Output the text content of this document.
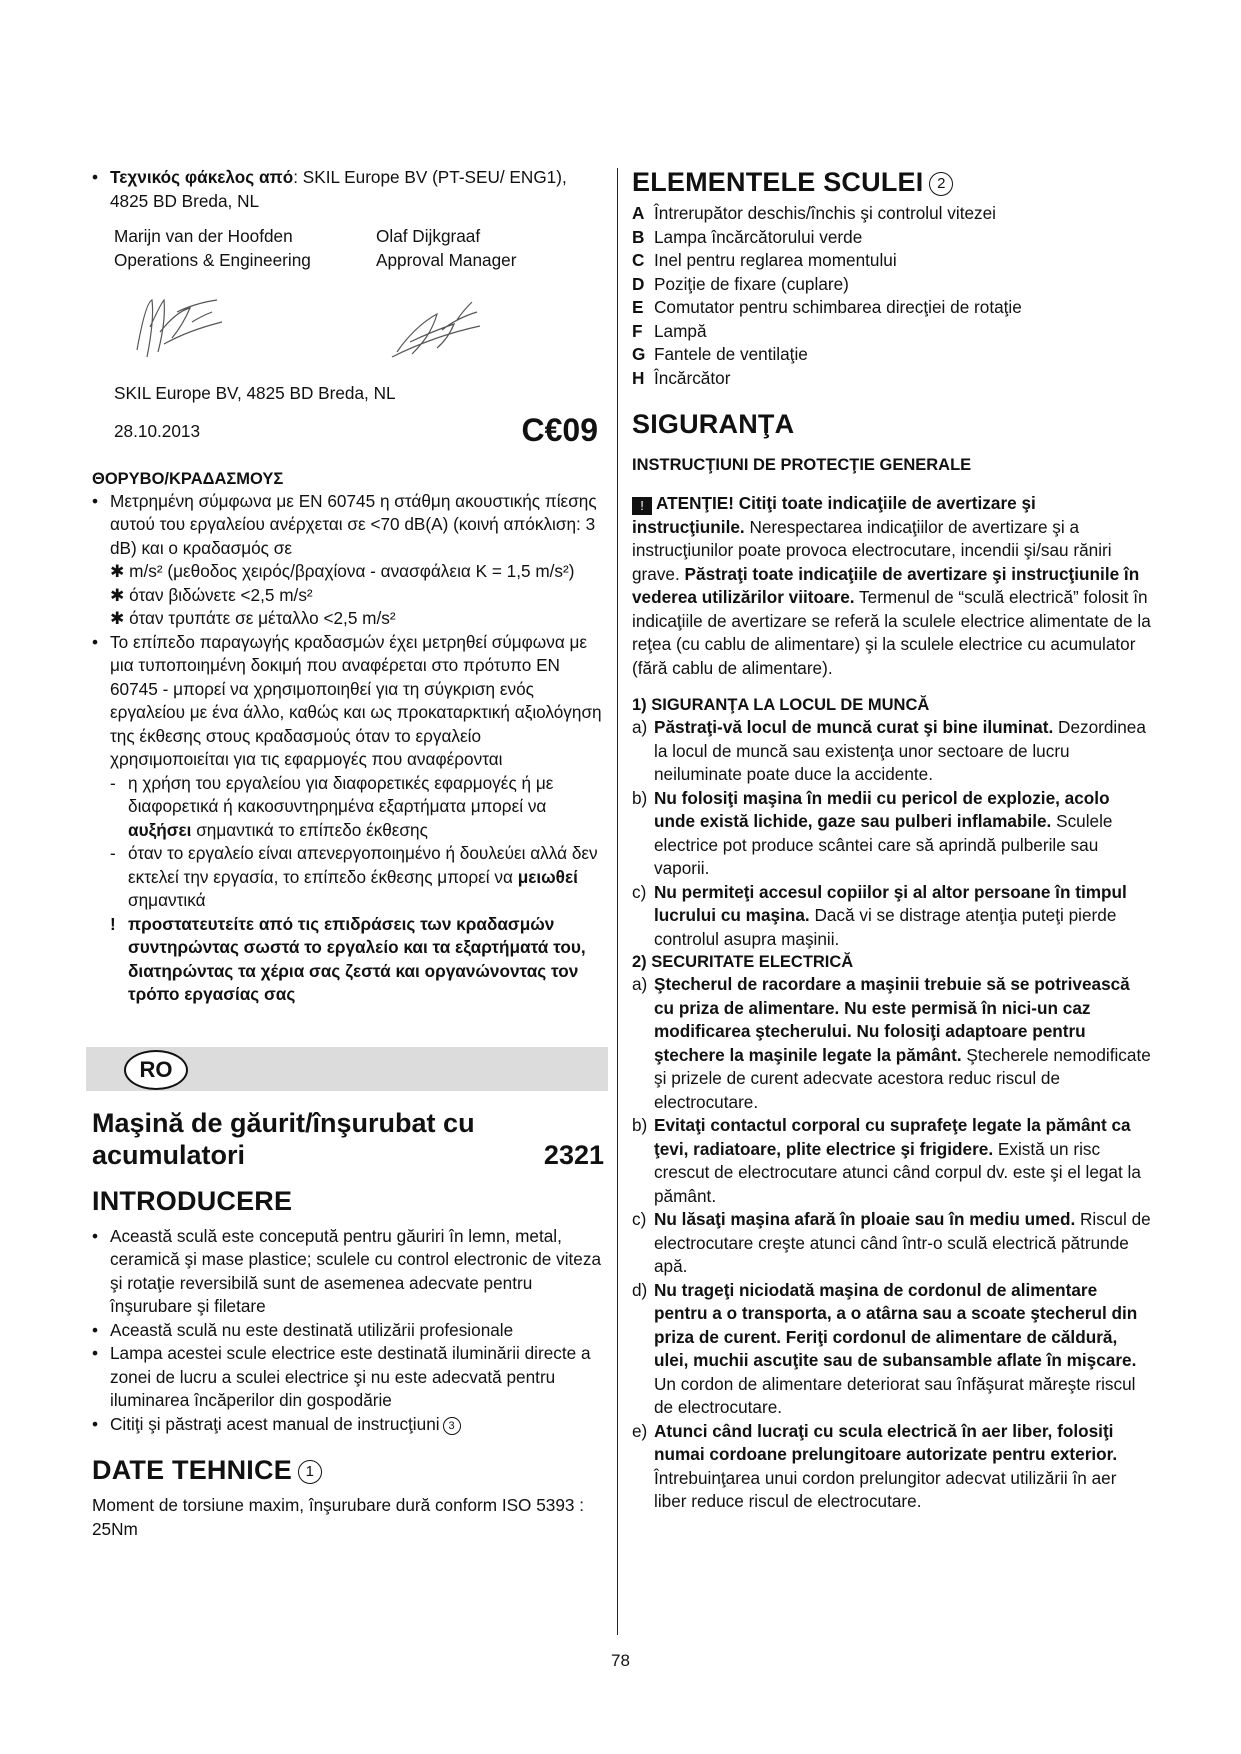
• Τεχνικός φάκελος από: SKIL Europe BV (PT-SEU/ ENG1), 4825 BD Breda, NL
Marijn van der Hoofden	Olaf Dijkgraaf
Operations & Engineering	Approval Manager

SKIL Europe BV, 4825 BD Breda, NL

28.10.2013	C€09
ΘΟΡΥΒΟ/ΚΡΑΔΑΣΜΟΥΣ
• Μετρημένη σύμφωνα με EN 60745 η στάθμη ακουστικής πίεσης αυτού του εργαλείου ανέρχεται σε <70 dB(A) (κοινή απόκλιση: 3 dB) και ο κραδασμός σε
✱ m/s² (μεθοδος χειρός/βραχίονα - ανασφάλεια K = 1,5 m/s²)
✱ όταν βιδώνετε <2,5 m/s²
✱ όταν τρυπάτε σε μέταλλο <2,5 m/s²
• Το επίπεδο παραγωγής κραδασμών έχει μετρηθεί σύμφωνα με μια τυποποιημένη δοκιμή που αναφέρεται στο πρότυπο EN 60745 - μπορεί να χρησιμοποιηθεί για τη σύγκριση ενός εργαλείου με ένα άλλο, καθώς και ως προκαταρκτική αξιολόγηση της έκθεσης στους κραδασμούς όταν το εργαλείο χρησιμοποιείται για τις εφαρμογές που αναφέρονται
- η χρήση του εργαλείου για διαφορετικές εφαρμογές ή με διαφορετικά ή κακοσυντηρημένα εξαρτήματα μπορεί να αυξήσει σημαντικά το επίπεδο έκθεσης
- όταν το εργαλείο είναι απενεργοποιημένο ή δουλεύει αλλά δεν εκτελεί την εργασία, το επίπεδο έκθεσης μπορεί να μειωθεί σημαντικά
! προστατευτείτε από τις επιδράσεις των κραδασμών συντηρώντας σωστά το εργαλείο και τα εξαρτήματά του, διατηρώντας τα χέρια σας ζεστά και οργανώνοντας τον τρόπο εργασίας σας
RO
Maşină de găurit/înşurubat cu
acumulatori	2321
INTRODUCERE
• Această sculă este concepută pentru găuriri în lemn, metal, ceramică şi mase plastice; sculele cu control electronic de viteza şi rotaţie reversibilă sunt de asemenea adecvate pentru înşurubare şi filetare
• Această sculă nu este destinată utilizării profesionale
• Lampa acestei scule electrice este destinată iluminării directe a zonei de lucru a sculei electrice şi nu este adecvată pentru iluminarea încăperilor din gospodărie
• Citiţi şi păstraţi acest manual de instrucţiuni 3
DATE TEHNICE 1

Moment de torsiune maxim, înşurubare dură conform ISO 5393 : 25Nm

ELEMENTELE SCULEI 2
A Întrerupător deschis/închis şi controlul vitezei
B Lampa încărcătorului verde
C Inel pentru reglarea momentului
D Poziţie de fixare (cuplare)
E Comutator pentru schimbarea direcţiei de rotaţie
F Lampă
G Fantele de ventilaţie
H Încărcător
SIGURANŢA
INSTRUCŢIUNI DE PROTECŢIE GENERALE

! ATENŢIE! Citiţi toate indicaţiile de avertizare şi instrucţiunile. Nerespectarea indicaţiilor de avertizare şi a instrucţiunilor poate provoca electrocutare, incendii şi/sau răniri grave. Păstraţi toate indicaţiile de avertizare şi instrucţiunile în vederea utilizărilor viitoare. Termenul de “sculă electrică” folosit în indicaţiile de avertizare se referă la sculele electrice alimentate de la reţea (cu cablu de alimentare) şi la sculele electrice cu acumulator (fără cablu de alimentare).

1) SIGURANŢA LA LOCUL DE MUNCĂ
a) Păstraţi-vă locul de muncă curat şi bine iluminat. Dezordinea la locul de muncă sau existenţa unor sectoare de lucru neiluminate poate duce la accidente.
b) Nu folosiţi maşina în medii cu pericol de explozie, acolo unde există lichide, gaze sau pulberi inflamabile. Sculele electrice pot produce scântei care să aprindă pulberile sau vaporii.
c) Nu permiteţi accesul copiilor şi al altor persoane în timpul lucrului cu maşina. Dacă vi se distrage atenţia puteţi pierde controlul asupra maşinii.
2) SECURITATE ELECTRICĂ
a) Ştecherul de racordare a maşinii trebuie să se potrivească cu priza de alimentare. Nu este permisă în nici-un caz modificarea ştecherului. Nu folosiţi adaptoare pentru ştechere la maşinile legate la pământ. Ştecherele nemodificate şi prizele de curent adecvate acestora reduc riscul de electrocutare.
b) Evitaţi contactul corporal cu suprafeţe legate la pământ ca ţevi, radiatoare, plite electrice şi frigidere. Există un risc crescut de electrocutare atunci când corpul dv. este şi el legat la pământ.
c) Nu lăsaţi maşina afară în ploaie sau în mediu umed. Riscul de electrocutare creşte atunci când într-o sculă electrică pătrunde apă.
d) Nu trageţi niciodată maşina de cordonul de alimentare pentru a o transporta, a o atârna sau a scoate ştecherul din priza de curent. Feriţi cordonul de alimentare de căldură, ulei, muchii ascuţite sau de subansamble aflate în mişcare. Un cordon de alimentare deteriorat sau înfăşurat măreşte riscul de electrocutare.
e) Atunci când lucraţi cu scula electrică în aer liber, folosiţi numai cordoane prelungitoare autorizate pentru exterior. Întrebuinţarea unui cordon prelungitor adecvat utilizării în aer liber reduce riscul de electrocutare.
78
